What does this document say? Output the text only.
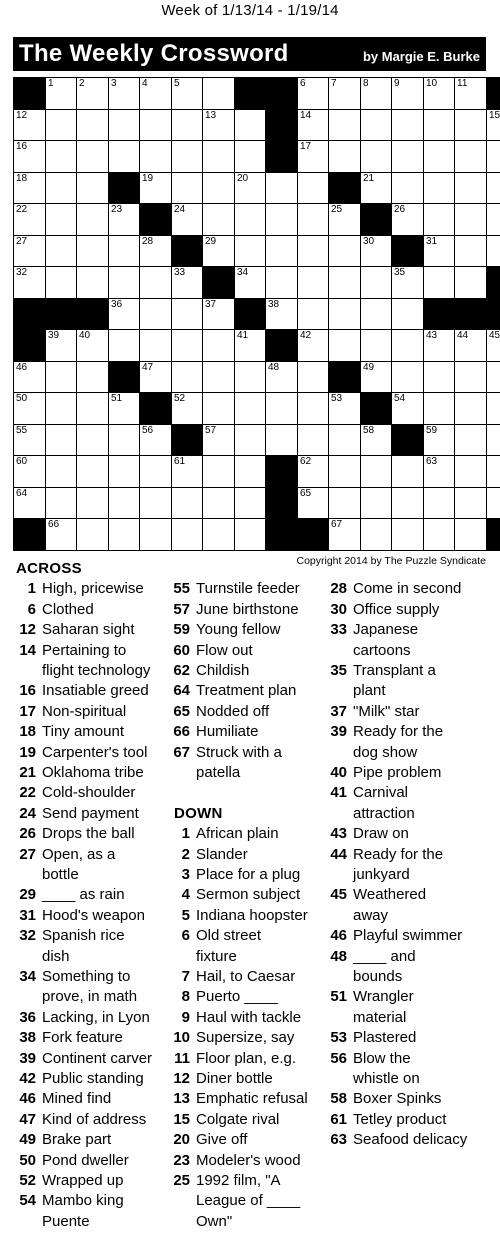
Week of 1/13/14 - 1/19/14
The Weekly Crossword	by Margie E. Burke
1	2	3	4	5	6	7	8	9	10 11
12	13	14	15
16	17
18	19	20	21
22	23	24	25	26
27	28	29	30	31
32	33	34	35
36	37	38
39 40	41	42	43 44 45
46	47	48	49
50	51	52	53	54
55	56	57	58	59
60	61	62	63
64	65
66	67
Copyright 2014 by The Puzzle Syndicate
ACROSS
1 High, pricewise
6 Clothed
12 Saharan sight
14 Pertaining to
flight technology
16 Insatiable greed
17 Non-spiritual
18 Tiny amount
19 Carpenter's tool
21 Oklahoma tribe
22 Cold-shoulder
24 Send payment
26 Drops the ball
27 Open, as a
bottle
29 ____ as rain
31 Hood's weapon
32 Spanish rice
dish
34 Something to
prove, in math
36 Lacking, in Lyon
38 Fork feature
39 Continent carver
42 Public standing
46 Mined find
47 Kind of address
49 Brake part
50 Pond dweller
52 Wrapped up
54 Mambo king
Puente
55 Turnstile feeder
57 June birthstone
59 Young fellow
60 Flow out
62 Childish
64 Treatment plan
65 Nodded off
66 Humiliate
67 Struck with a
patella
DOWN
1 African plain
2 Slander
3 Place for a plug
4 Sermon subject
5 Indiana hoopster
6 Old street
fixture
7 Hail, to Caesar
8 Puerto ____
9 Haul with tackle
10 Supersize, say
11 Floor plan, e.g.
12 Diner bottle
13 Emphatic refusal
15 Colgate rival
20 Give off
23 Modeler's wood
25 1992 film, "A
League of ____
Own"
28 Come in second
30 Office supply
33 Japanese
cartoons
35 Transplant a
plant
37 "Milk" star
39 Ready for the
dog show
40 Pipe problem
41 Carnival
attraction
43 Draw on
44 Ready for the
junkyard
45 Weathered
away
46 Playful swimmer
48 ____ and
bounds
51 Wrangler
material
53 Plastered
56 Blow the
whistle on
58 Boxer Spinks
61 Tetley product
63 Seafood delicacy
